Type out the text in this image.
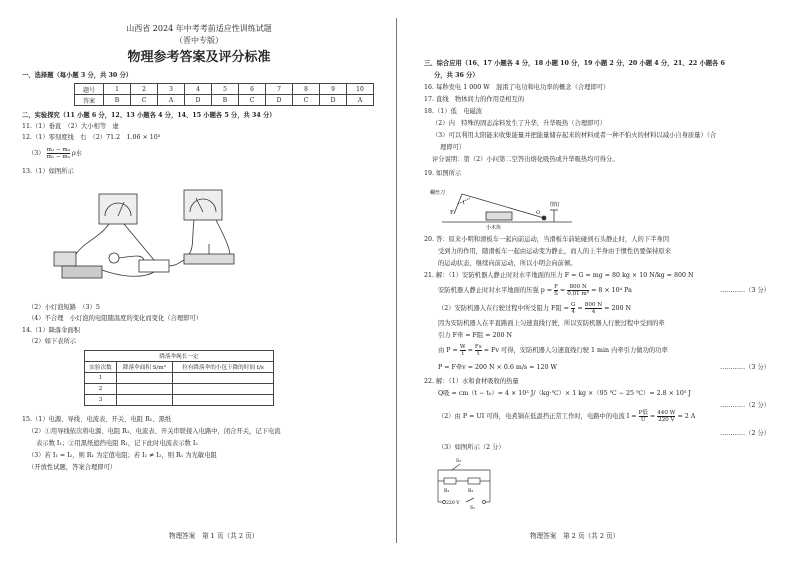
山西省 2024 年中考考前适应性训练试题
（晋中专版）
物理参考答案及评分标准
一、选择题（每小题 3 分，共 30 分）
题号	1	2	3	4	5	6	7	8	9	10
答案	B	C	A	D	B	C	D	C	D	A
二、实验探究（11 小题 6 分，12、13 小题各 4 分，14、15 小题各 5 分，共 34 分）
11.（1）垂直　（2）大小相等　虚
12.（1）零刻度线　右　（2）71.2　1.06 × 10³
$(3) \frac{\text{m₂ − m₀}}{\text{m₁ − m₀}}$ ρ水
13.（1）如图所示
（2）小灯泡短路　（3）5
（4）不合理　小灯泡的电阻随温度的变化而变化（合理即可）
14.（1）降落伞面积
（2）如下表所示
降落伞绳长一定		
实验次数	降落伞面积 S/m²	拉有降落伞的小包下降的时间 t/s
1		
2		
3		
15.（1）电源、导线、电流表、开关、电阻 R₁、黑纸
（2）①用导线依次将电源、电阻 R₁、电流表、开关串联接入电路中，闭合开关，记下电流
表示数 I₁；②用黑纸遮挡电阻 R₁，记下此时电流表示数 I₂
（3）若 I₁ = I₂，则 R₁ 为定值电阻；若 I₁ ≠ I₂，则 R₁ 为光敏电阻
（开放性试题，答案合理即可）
物理答案　第 1 页（共 2 页）
三、综合应用（16、17 小题各 4 分，18 小题 10 分，19 小题 2 分，20 小题 4 分，21、22 小题各 6
分，共 36 分）
16. 每秒发电 1 000 W　混淆了电功和电功率的概念（合理即可）
17. 直线　物体间力的作用是相互的
18.（1）低　电磁波
（2）内　特殊的固态涂料发生了升华，升华吸热（合理即可）
（3）可以利用太阳能来收集能量并把能量储存起来的材料或者一种不怕火的材料以减小自身质量）（合
理即可）
评分说明：第（2）小问第二空答出熔化吸热或升华吸热均可得分。
19. 如图所示
螺丝刀
F
l
小木块
O
图钉
20. 答：原来小明和滑板车一起向前运动，当滑板车前轮碰到石头静止时，人的下半身因
受到力的作用，随滑板车一起由运动变为静止，而人的上半身由于惯性仍要保持原来
的运动状态，继续向前运动，所以小明会向前倾。
21. 解：（1）安防机器人静止时对水平地面的压力 F = G = mg = 80 kg × 10 N/kg = 800 N
安防机器人静止时对水平地面的压强 $p = \frac{F}{S} = \frac{800 N}{\text{0.01 m²}} = 8 \times 10^4$ Pa	…………（3 分）
（2）安防机器人在行驶过程中所受阻力 F阻 = $\frac{G}{4} = \frac{800 N}{4} = 200$ N
因为安防机器人在平直路面上匀速直线行驶，所以安防机器人行驶过程中受到的牵
引力 F牵 = F阻 = 200 N
由 $P = \frac{W}{t} = \frac{Fs}{t} = Fv$ 可得，安防机器人匀速直线行驶 1 min 内牵引力做功的功率
P = F牵v = 200 N × 0.6 m/s = 120 W	…………（3 分）
22. 解：（1）水和食材吸收的热量
Q吸 = cm（t − t₀）= 4 × 10³ J/（kg·℃）× 1 kg ×（95 ℃ − 25 ℃）= 2.8 × 10⁵ J
…………（2 分）
（2）由 P = UI 可得，电煮锅在低温挡正常工作时，电路中的电流 $I = \frac{\text{P低}}{U} = \frac{440 W}{220 V} = 2$ A
…………（2 分）
（3）如图所示（2 分）
S₂
R₁	R₂
220 V
S₁
物理答案　第 2 页（共 2 页）
